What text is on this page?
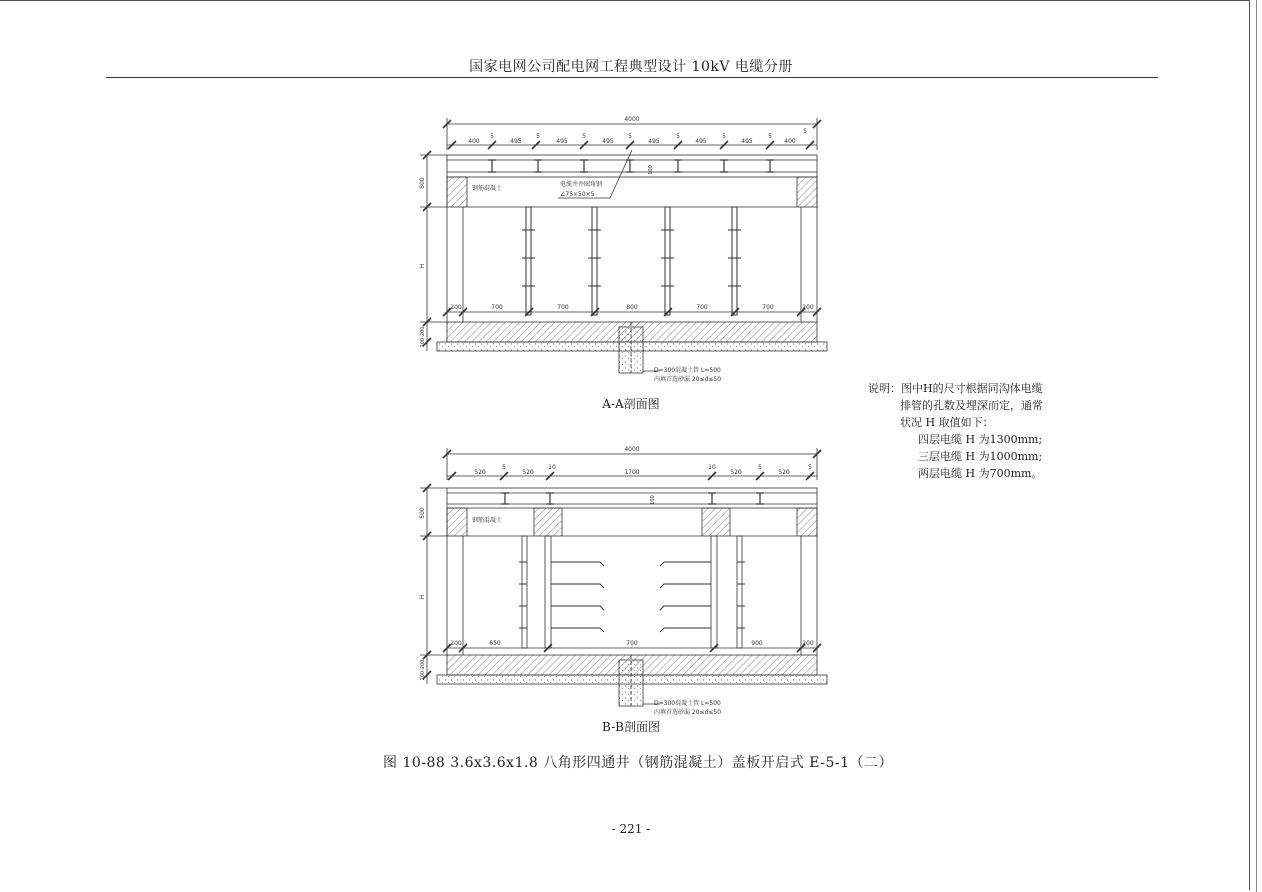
国家电网公司配电网工程典型设计 10kV 电缆分册
4000
400
5
495
5
495
5
495
5
495
5
495
5
495
5
400
5
200	700	700	800	700	700	200
500
H
200-200
100
钢筋混凝土
电缆井井圈角钢
∠75×50×5
D=300混凝土管 L=500
内填首选砂漏 20≤d≤50
A-A剖面图
4000
520
5
520
10
1700
10
520
5
520
5
200	650	700	900	200
500
H
200-200
100
钢筋混凝土
D=300混凝土管 L=500
内填首选砂漏 20≤d≤50
B-B剖面图
说明：图中H的尺寸根据同沟体电缆
排管的孔数及埋深而定，通常
状况 H 取值如下：
四层电缆 H 为1300mm;
三层电缆 H 为1000mm;
两层电缆 H 为700mm。
图 10-88 3.6x3.6x1.8 八角形四通井（钢筋混凝土）盖板开启式 E-5-1（二）
- 221 -
